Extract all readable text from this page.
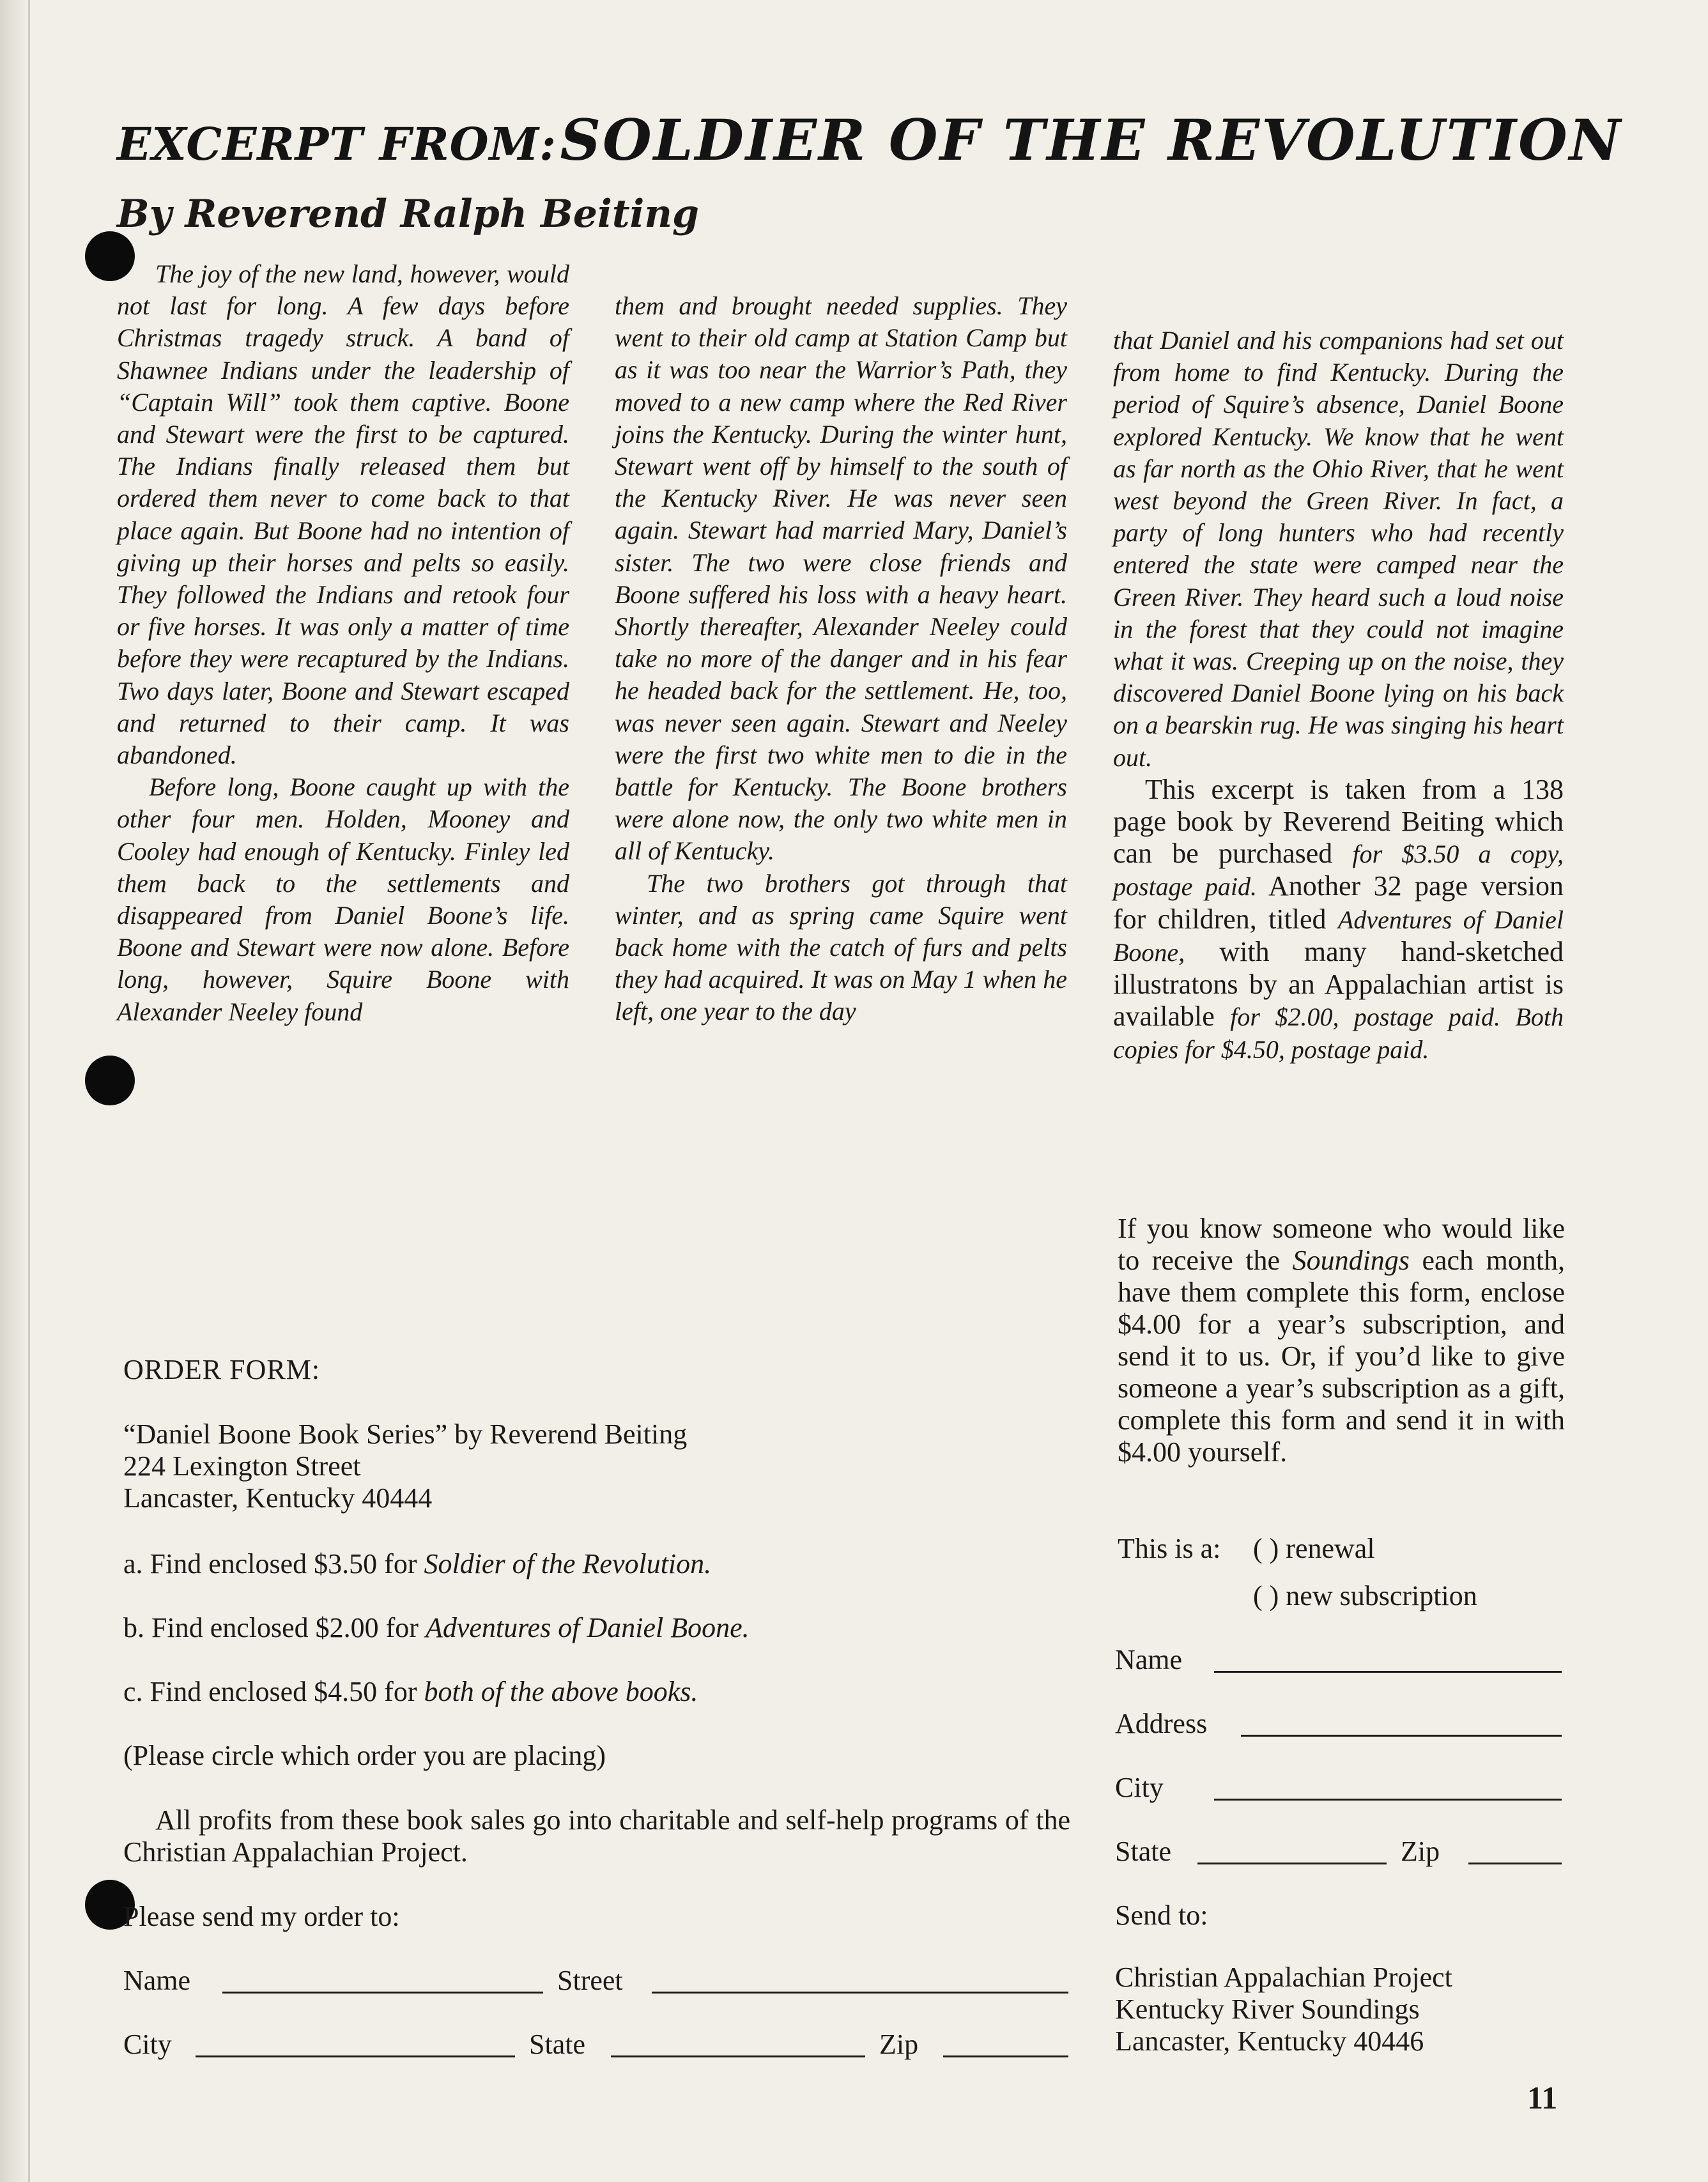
EXCERPT FROM: SOLDIER OF THE REVOLUTION
By Reverend Ralph Beiting

The joy of the new land, however, would not last for long. A few days before Christmas tragedy struck. A band of Shawnee Indians under the leadership of “Captain Will” took them captive. Boone and Stewart were the first to be captured. The Indians finally released them but ordered them never to come back to that place again. But Boone had no intention of giving up their horses and pelts so easily. They followed the Indians and retook four or five horses. It was only a matter of time before they were recaptured by the Indians. Two days later, Boone and Stewart escaped and returned to their camp. It was abandoned.

Before long, Boone caught up with the other four men. Holden, Mooney and Cooley had enough of Kentucky. Finley led them back to the settlements and disappeared from Daniel Boone’s life. Boone and Stewart were now alone. Before long, however, Squire Boone with Alexander Neeley found

them and brought needed supplies. They went to their old camp at Station Camp but as it was too near the Warrior’s Path, they moved to a new camp where the Red River joins the Kentucky. During the winter hunt, Stewart went off by himself to the south of the Kentucky River. He was never seen again. Stewart had married Mary, Daniel’s sister. The two were close friends and Boone suffered his loss with a heavy heart. Shortly thereafter, Alexander Neeley could take no more of the danger and in his fear he headed back for the settlement. He, too, was never seen again. Stewart and Neeley were the first two white men to die in the battle for Kentucky. The Boone brothers were alone now, the only two white men in all of Kentucky.

The two brothers got through that winter, and as spring came Squire went back home with the catch of furs and pelts they had acquired. It was on May 1 when he left, one year to the day

that Daniel and his companions had set out from home to find Kentucky. During the period of Squire’s absence, Daniel Boone explored Kentucky. We know that he went as far north as the Ohio River, that he went west beyond the Green River. In fact, a party of long hunters who had recently entered the state were camped near the Green River. They heard such a loud noise in the forest that they could not imagine what it was. Creeping up on the noise, they discovered Daniel Boone lying on his back on a bearskin rug. He was singing his heart out.

This excerpt is taken from a 138 page book by Reverend Beiting which can be purchased for $3.50 a copy, postage paid. Another 32 page version for children, titled Adventures of Daniel Boone, with many hand-sketched illustratons by an Appalachian artist is available for $2.00, postage paid. Both copies for $4.50, postage paid.

If you know someone who would like to receive the Soundings each month, have them complete this form, enclose $4.00 for a year’s subscription, and send it to us. Or, if you’d like to give someone a year’s subscription as a gift, complete this form and send it in with $4.00 yourself.
This is a: ( ) renewal
( ) new subscription
Name
Address
City
State	Zip
Send to:
Christian Appalachian Project
Kentucky River Soundings
Lancaster, Kentucky 40446
ORDER FORM:
“Daniel Boone Book Series” by Reverend Beiting
224 Lexington Street
Lancaster, Kentucky 40444
a. Find enclosed $3.50 for Soldier of the Revolution.
b. Find enclosed $2.00 for Adventures of Daniel Boone.
c. Find enclosed $4.50 for both of the above books.
(Please circle which order you are placing)
All profits from these book sales go into charitable and self-help programs of the Christian Appalachian Project.
Please send my order to:
Name	Street
City	State	Zip
11
